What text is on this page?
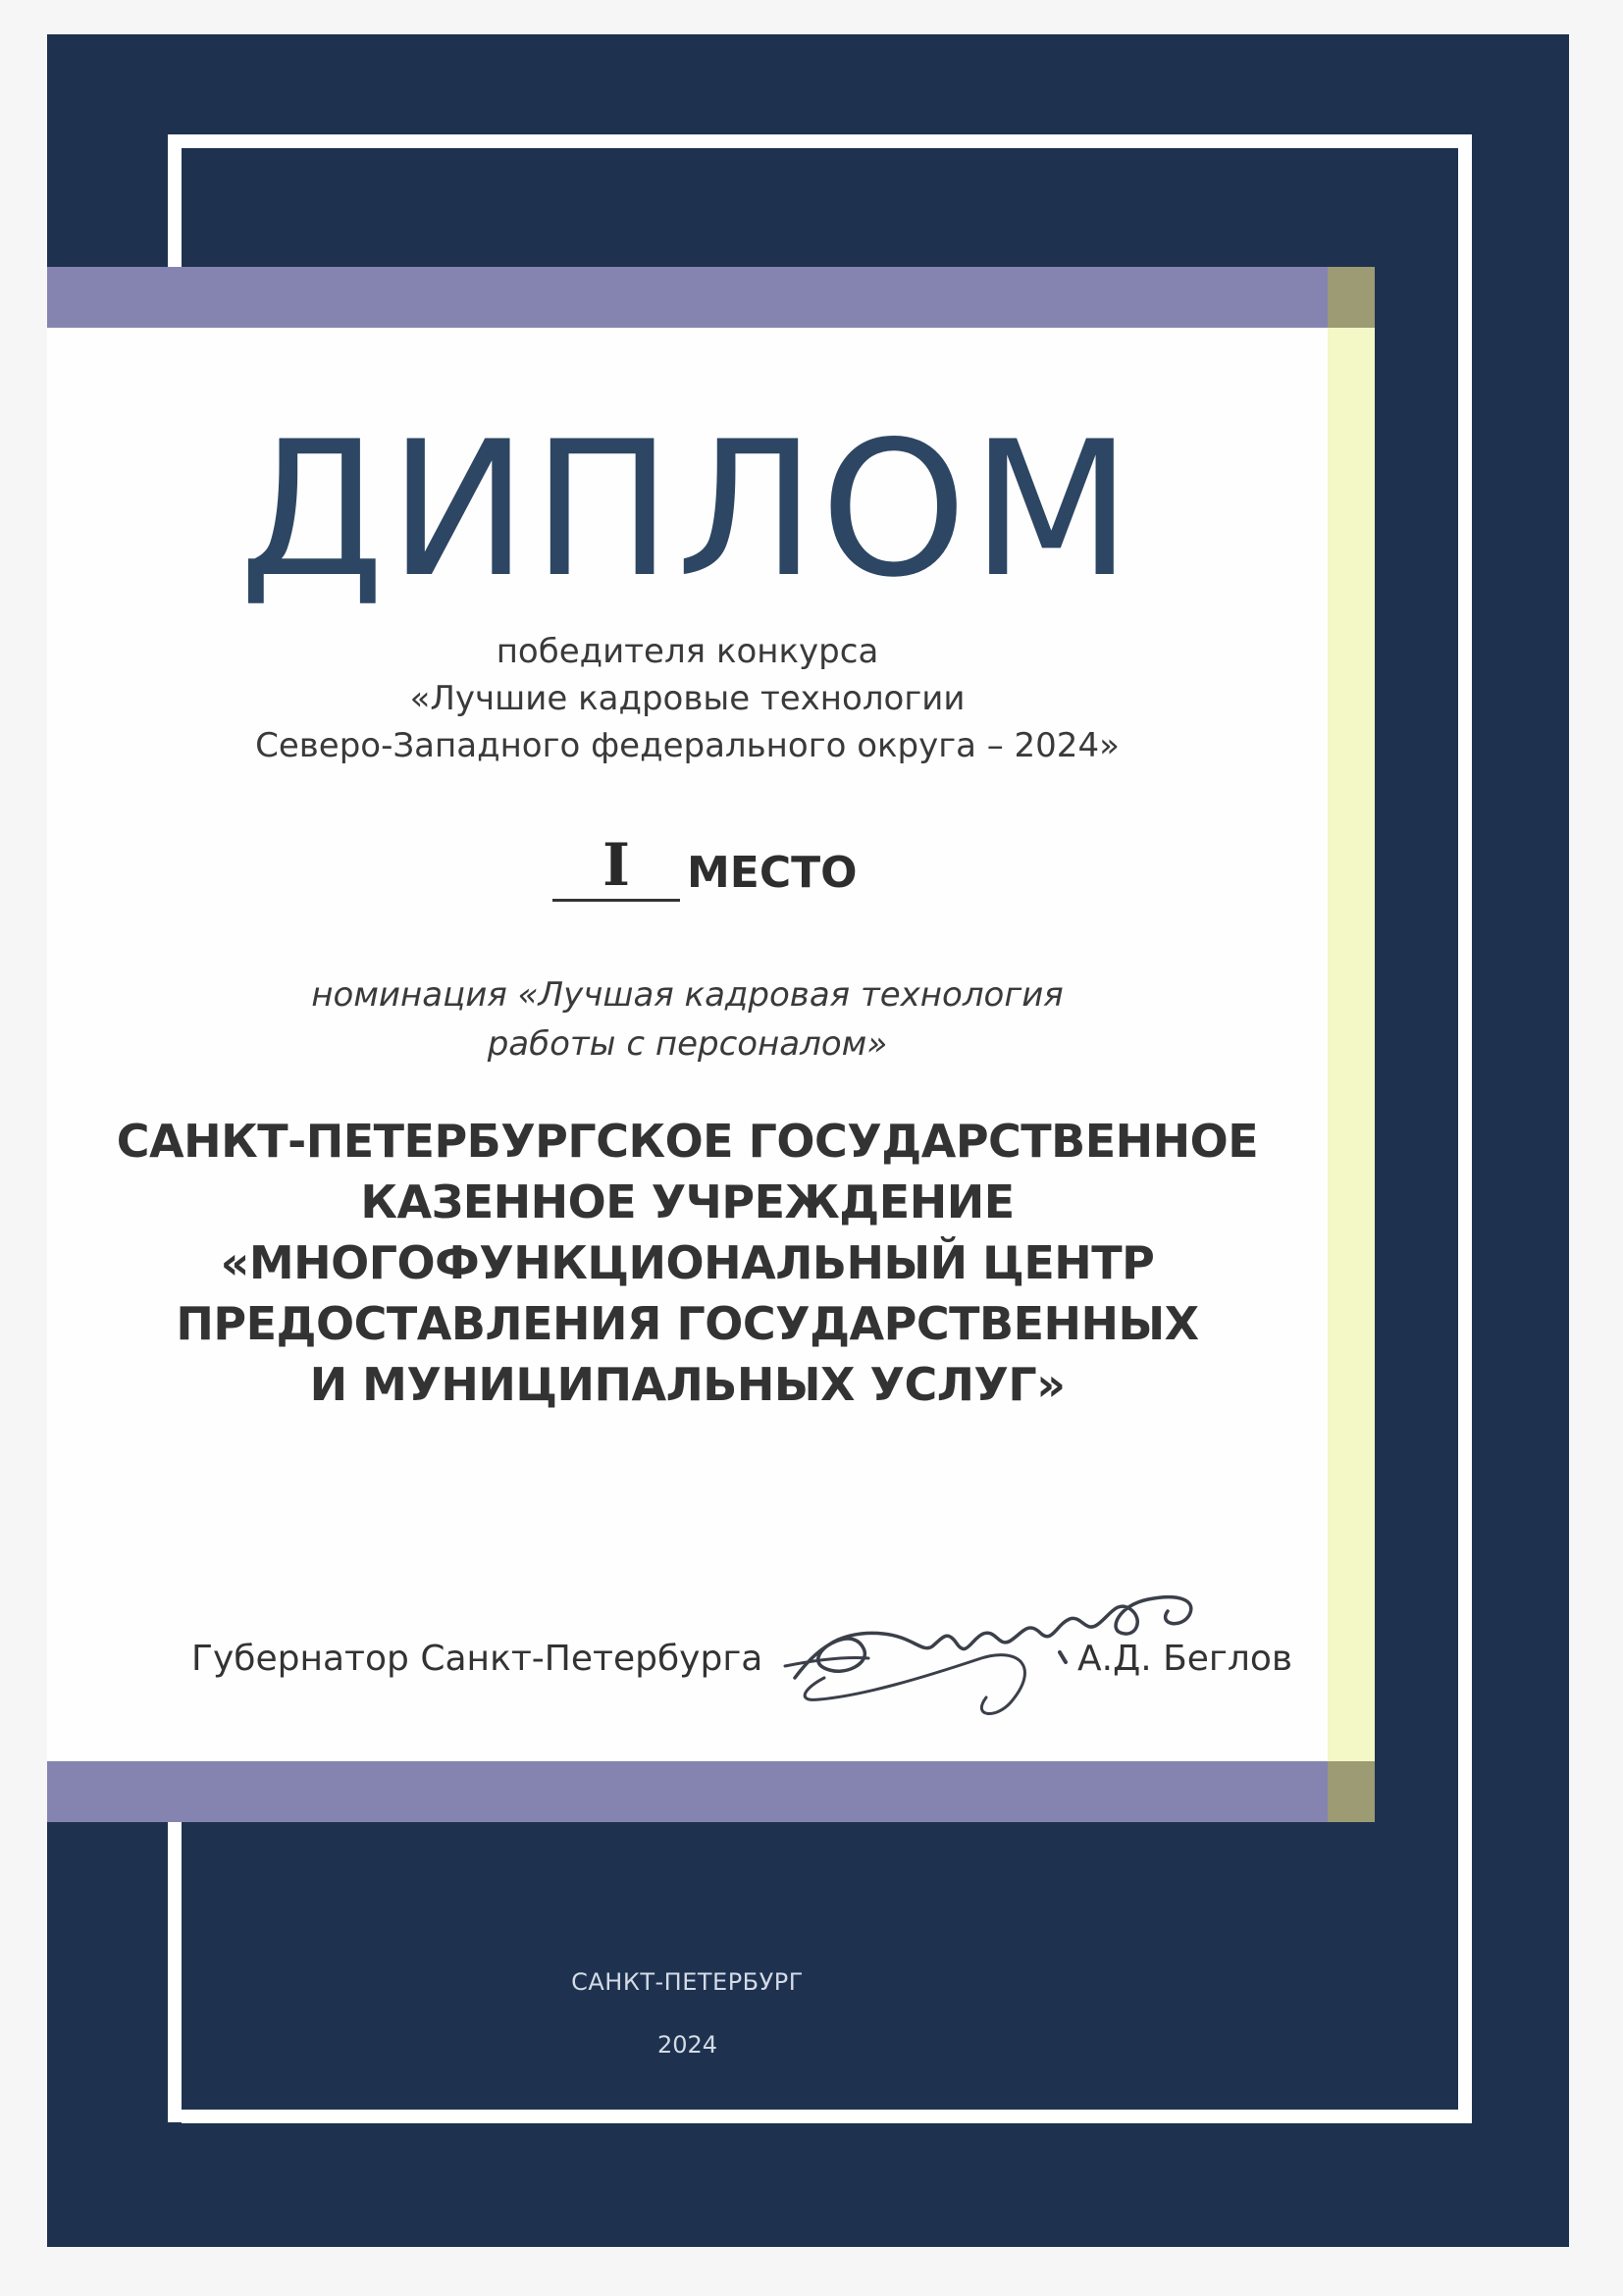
ДИПЛОМ
победителя конкурса
«Лучшие кадровые технологии
Северо-Западного федерального округа – 2024»
I	МЕСТО
номинация «Лучшая кадровая технология
работы с персоналом»
САНКТ-ПЕТЕРБУРГСКОЕ ГОСУДАРСТВЕННОЕ
КАЗЕННОЕ УЧРЕЖДЕНИЕ
«МНОГОФУНКЦИОНАЛЬНЫЙ ЦЕНТР
ПРЕДОСТАВЛЕНИЯ ГОСУДАРСТВЕННЫХ
И МУНИЦИПАЛЬНЫХ УСЛУГ»
Губернатор Санкт-Петербурга	А.Д. Беглов
САНКТ-ПЕТЕРБУРГ
2024
